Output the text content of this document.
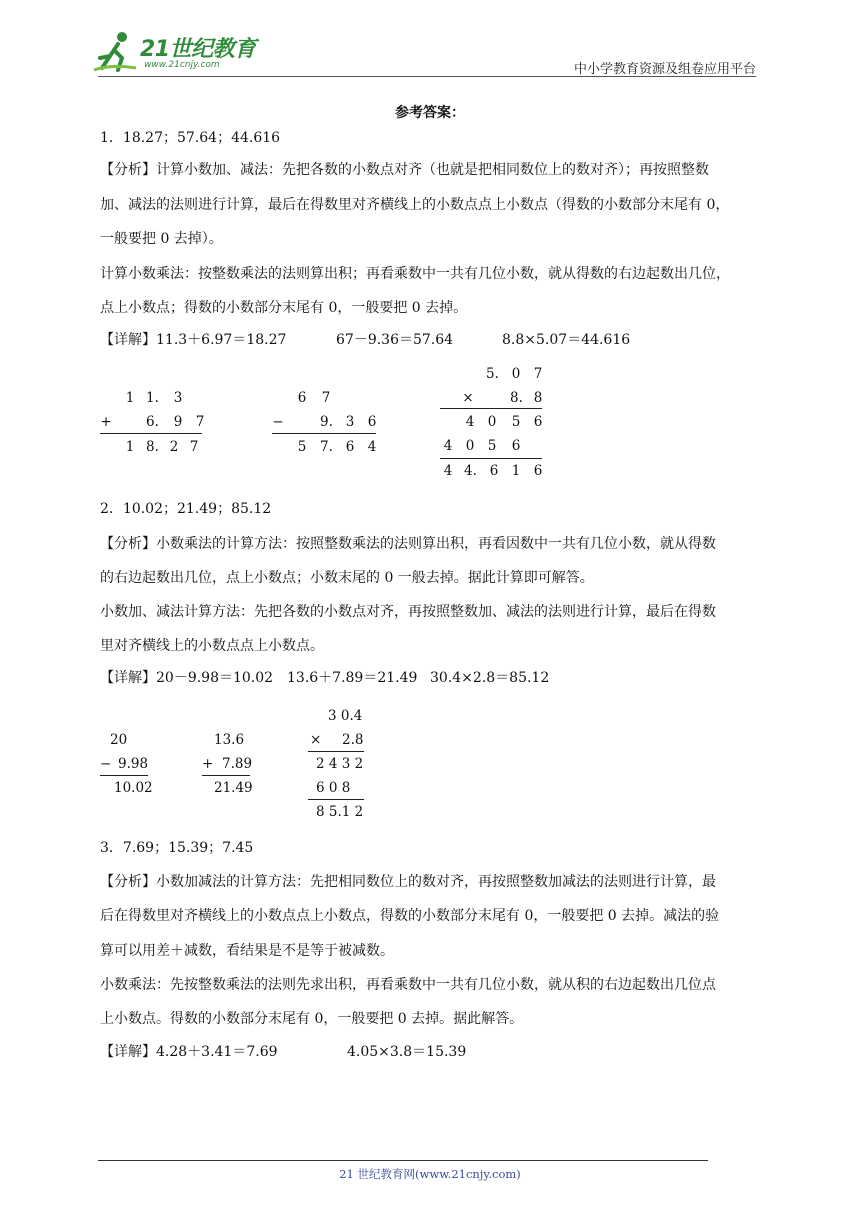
21世纪教育
www.21cnjy.com	中小学教育资源及组卷应用平台
参考答案：
1．18.27；57.64；44.616
【分析】计算小数加、减法：先把各数的小数点对齐（也就是把相同数位上的数对齐）；再按照整数
加、减法的法则进行计算，最后在得数里对齐横线上的小数点点上小数点（得数的小数部分末尾有 0，
一般要把 0 去掉）。
计算小数乘法：按整数乘法的法则算出积；再看乘数中一共有几位小数，就从得数的右边起数出几位，
点上小数点；得数的小数部分末尾有 0，一般要把 0 去掉。
【详解】11.3＋6.97＝18.27	67－9.36＝57.64	8.8×5.07＝44.616
1 1. 3
+	6. 9 7
1 8. 2 7
6 7
−	9. 3 6
5 7. 6 4
5. 0 7
×	8. 8
4 0 5 6
4 0 5 6
4 4. 6 1 6
2．10.02；21.49；85.12
【分析】小数乘法的计算方法：按照整数乘法的法则算出积，再看因数中一共有几位小数，就从得数
的右边起数出几位，点上小数点；小数末尾的 0 一般去掉。据此计算即可解答。
小数加、减法计算方法：先把各数的小数点对齐，再按照整数加、减法的法则进行计算，最后在得数
里对齐横线上的小数点点上小数点。
【详解】20－9.98＝10.02 13.6＋7.89＝21.49 30.4×2.8＝85.12
20
− 9.98
10.02
13.6
+ 7.89
21.49
3 0.4
× 2.8
2 4 3 2
6 0 8
8 5.1 2
3．7.69；15.39；7.45
【分析】小数加减法的计算方法：先把相同数位上的数对齐，再按照整数加减法的法则进行计算，最
后在得数里对齐横线上的小数点点上小数点，得数的小数部分末尾有 0，一般要把 0 去掉。减法的验
算可以用差＋减数，看结果是不是等于被减数。
小数乘法：先按整数乘法的法则先求出积，再看乘数中一共有几位小数，就从积的右边起数出几位点
上小数点。得数的小数部分末尾有 0，一般要把 0 去掉。据此解答。
【详解】4.28＋3.41＝7.69	4.05×3.8＝15.39
21 世纪教育网(www.21cnjy.com)
